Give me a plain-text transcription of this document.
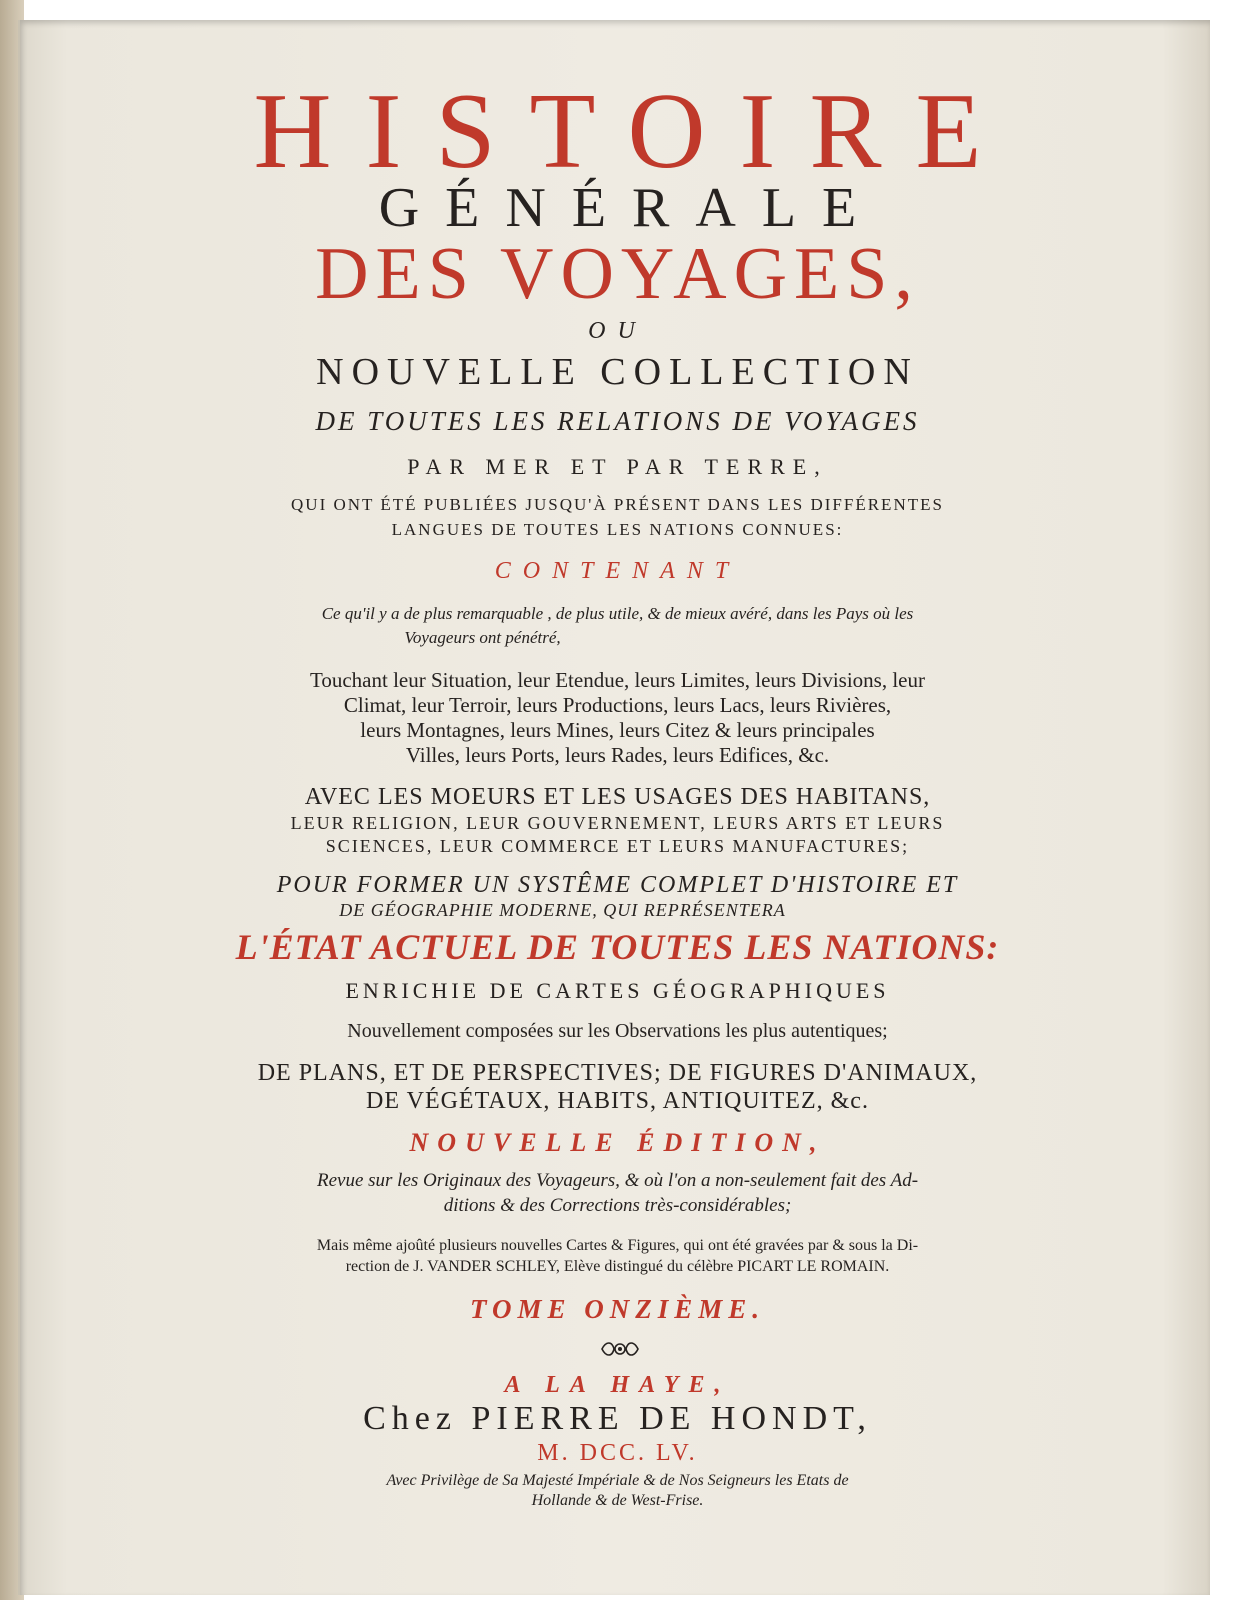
HISTOIRE
GÉNÉRALE
DES VOYAGES,
OU
NOUVELLE COLLECTION
DE TOUTES LES RELATIONS DE VOYAGES
PAR MER ET PAR TERRE,
QUI ONT ÉTÉ PUBLIÉES JUSQU'À PRÉSENT DANS LES DIFFÉRENTES
LANGUES DE TOUTES LES NATIONS CONNUES:
CONTENANT
Ce qu'il y a de plus remarquable , de plus utile, & de mieux avéré, dans les Pays où les
Voyageurs ont pénétré,
Touchant leur Situation, leur Etendue, leurs Limites, leurs Divisions, leur
Climat, leur Terroir, leurs Productions, leurs Lacs, leurs Rivières,
leurs Montagnes, leurs Mines, leurs Citez & leurs principales
Villes, leurs Ports, leurs Rades, leurs Edifices, &c.
AVEC LES MOEURS ET LES USAGES DES HABITANS,
LEUR RELIGION, LEUR GOUVERNEMENT, LEURS ARTS ET LEURS
SCIENCES, LEUR COMMERCE ET LEURS MANUFACTURES;
POUR FORMER UN SYSTÊME COMPLET D'HISTOIRE ET
DE GÉOGRAPHIE MODERNE, QUI REPRÉSENTERA
L'ÉTAT ACTUEL DE TOUTES LES NATIONS:
ENRICHIE DE CARTES GÉOGRAPHIQUES
Nouvellement composées sur les Observations les plus autentiques;
DE PLANS, ET DE PERSPECTIVES; DE FIGURES D'ANIMAUX,
DE VÉGÉTAUX, HABITS, ANTIQUITEZ, &c.
NOUVELLE ÉDITION,
Revue sur les Originaux des Voyageurs, & où l'on a non-seulement fait des Ad-
ditions & des Corrections très-considérables;
Mais même ajoûté plusieurs nouvelles Cartes & Figures, qui ont été gravées par & sous la Di-
rection de J. VANDER SCHLEY, Elève distingué du célèbre PICART LE ROMAIN.
TOME ONZIÈME.
A LA HAYE,
Chez PIERRE DE HONDT,
M. DCC. LV.
Avec Privilège de Sa Majesté Impériale & de Nos Seigneurs les Etats de
Hollande & de West-Frise.
